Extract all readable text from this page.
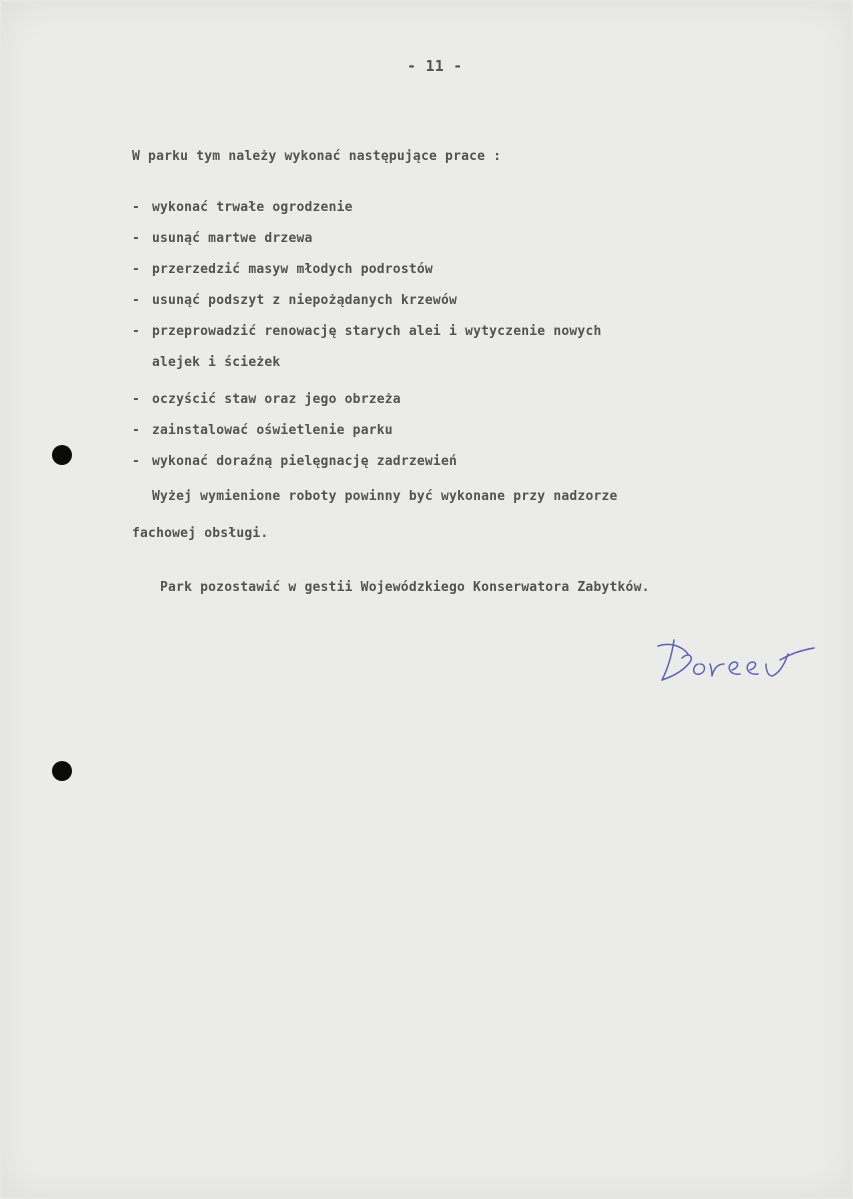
- 11 -
W parku tym należy wykonać następujące prace :
- wykonać trwałe ogrodzenie
- usunąć martwe drzewa
- przerzedzić masyw młodych podrostów
- usunąć podszyt z niepożądanych krzewów
- przeprowadzić renowację starych alei i wytyczenie nowych
alejek i ścieżek
- oczyścić staw oraz jego obrzeża
- zainstalować oświetlenie parku
- wykonać doraźną pielęgnację zadrzewień
Wyżej wymienione roboty powinny być wykonane przy nadzorze
fachowej obsługi.
Park pozostawić w gestii Wojewódzkiego Konserwatora Zabytków.
